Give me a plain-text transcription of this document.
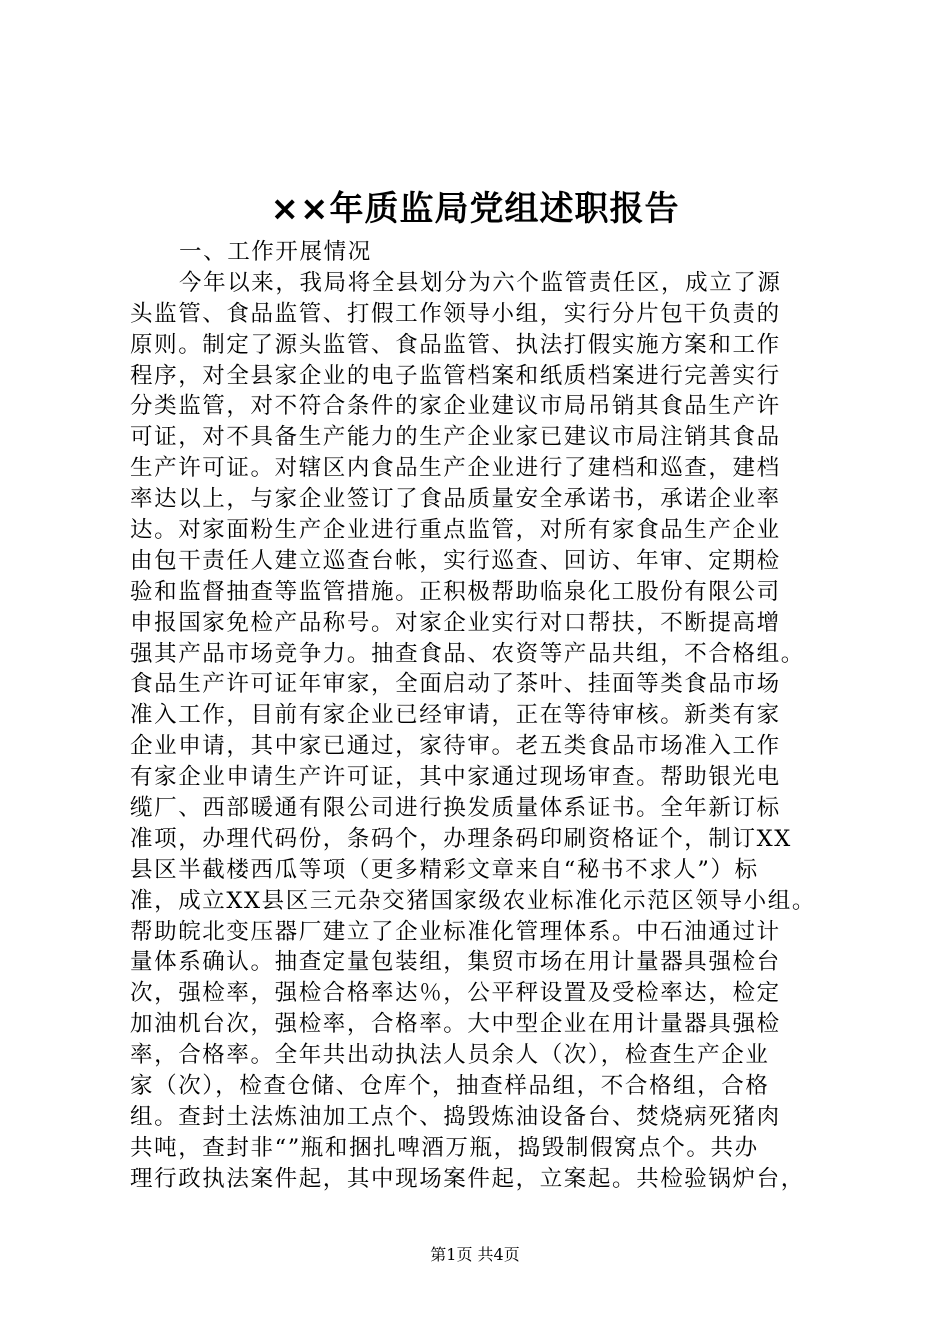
××年质监局党组述职报告
一、工作开展情况
今年以来，我局将全县划分为六个监管责任区，成立了源
头监管、食品监管、打假工作领导小组，实行分片包干负责的
原则。制定了源头监管、食品监管、执法打假实施方案和工作
程序，对全县家企业的电子监管档案和纸质档案进行完善实行
分类监管，对不符合条件的家企业建议市局吊销其食品生产许
可证，对不具备生产能力的生产企业家已建议市局注销其食品
生产许可证。对辖区内食品生产企业进行了建档和巡查，建档
率达以上，与家企业签订了食品质量安全承诺书，承诺企业率
达。对家面粉生产企业进行重点监管，对所有家食品生产企业
由包干责任人建立巡查台帐，实行巡查、回访、年审、定期检
验和监督抽查等监管措施。正积极帮助临泉化工股份有限公司
申报国家免检产品称号。对家企业实行对口帮扶，不断提高增
强其产品市场竞争力。抽查食品、农资等产品共组，不合格组。
食品生产许可证年审家，全面启动了茶叶、挂面等类食品市场
准入工作，目前有家企业已经审请，正在等待审核。新类有家
企业申请，其中家已通过，家待审。老五类食品市场准入工作
有家企业申请生产许可证，其中家通过现场审查。帮助银光电
缆厂、西部暖通有限公司进行换发质量体系证书。全年新订标
准项，办理代码份，条码个，办理条码印刷资格证个，制订XX
县区半截楼西瓜等项（更多精彩文章来自“秘书不求人”）标
准，成立XX县区三元杂交猪国家级农业标准化示范区领导小组。
帮助皖北变压器厂建立了企业标准化管理体系。中石油通过计
量体系确认。抽查定量包装组，集贸市场在用计量器具强检台
次，强检率，强检合格率达％，公平秤设置及受检率达，检定
加油机台次，强检率，合格率。大中型企业在用计量器具强检
率，合格率。全年共出动执法人员余人（次），检查生产企业
家（次），检查仓储、仓库个，抽查样品组，不合格组，合格
组。查封土法炼油加工点个、捣毁炼油设备台、焚烧病死猪肉
共吨，查封非“”瓶和捆扎啤酒万瓶，捣毁制假窝点个。共办
理行政执法案件起，其中现场案件起，立案起。共检验锅炉台，
第1页 共4页
